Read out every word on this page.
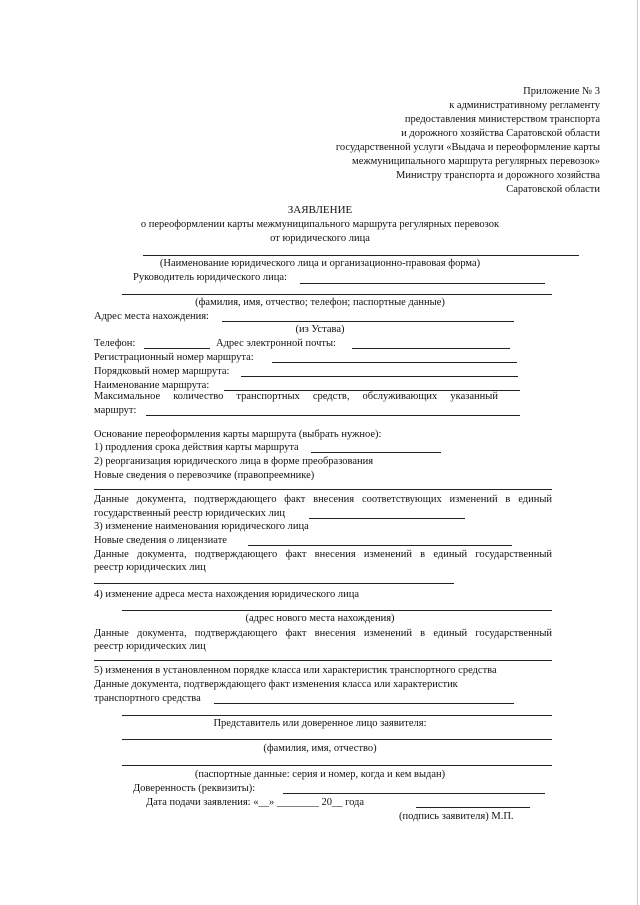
Приложение № 3
к административному регламенту
предоставления министерством транспорта
и дорожного хозяйства Саратовской области
государственной услуги «Выдача и переоформление карты
межмуниципального маршрута регулярных перевозок»
Министру транспорта и дорожного хозяйства
Саратовской области
ЗАЯВЛЕНИЕ
о переоформлении карты межмуниципального маршрута регулярных перевозок
от юридического лица
(Наименование юридического лица и организационно-правовая форма)
Руководитель юридического лица:
(фамилия, имя, отчество; телефон; паспортные данные)
Адрес места нахождения:
(из Устава)
Телефон:	Адрес электронной почты:
Регистрационный номер маршрута:
Порядковый номер маршрута:
Наименование маршрута:
Максимальное количество транспортных средств, обслуживающих указанный
маршрут:
Основание переоформления карты маршрута (выбрать нужное):
1) продления срока действия карты маршрута
2) реорганизация юридического лица в форме преобразования
Новые сведения о перевозчике (правопреемнике)
Данные документа, подтверждающего факт внесения соответствующих изменений в единый
государственный реестр юридических лиц
3) изменение наименования юридического лица
Новые сведения о лицензиате
Данные документа, подтверждающего факт внесения изменений в единый государственный
реестр юридических лиц
4) изменение адреса места нахождения юридического лица
(адрес нового места нахождения)
Данные документа, подтверждающего факт внесения изменений в единый государственный
реестр юридических лиц
5) изменения в установленном порядке класса или характеристик транспортного средства
Данные документа, подтверждающего факт изменения класса или характеристик
транспортного средства
Представитель или доверенное лицо заявителя:
(фамилия, имя, отчество)
(паспортные данные: серия и номер, когда и кем выдан)
Доверенность (реквизиты):
Дата подачи заявления: «__» ________ 20__ года
(подпись заявителя) М.П.
